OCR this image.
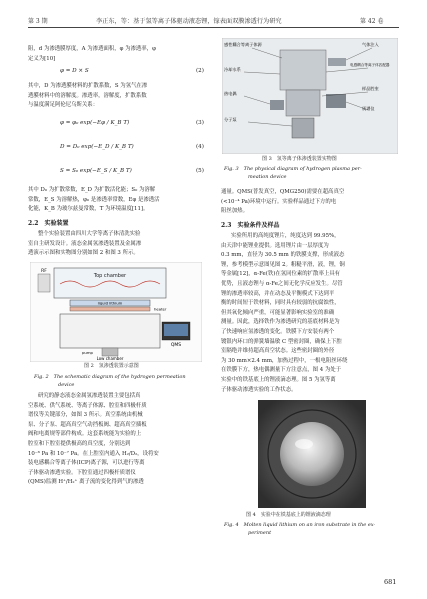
第 3 期	李正东，等：基于氢等离子体驱动液态锂，镓表面双膜渗透行为研究	第 42 卷
阻，d 为渗透膜厚度，A 为渗透面积，φ 为渗透率，φ
定义为[10]
φ = D × S	(2)
其中，D 为渗透膜材料的扩散系数，S 为氢气在渗
透膜材料中的溶解度。渗透率，溶解度，扩散系数
与温度满足阿伦尼乌斯关系：
φ = φ₀ exp(−Eφ / K_B T)	(3)
D = D₀ exp(−E_D / K_B T)	(4)
S = S₀ exp(−E_S / K_B T)	(5)
其中 D₀ 为扩散常数，E_D 为扩散活化能；S₀ 为溶解
常数，E_S 为溶解热，φ₀ 是渗透率常数，Eφ 是渗透活
化能，K_B 为玻尔兹曼常数，T 为环境温度[11]。
2.2　实验装置
整个实验装置由四川大学等离子体清洗实验
室自主研发设计。液态金属氢渗透装置及金属渗
透演示示图和实物图分别如图 2 和图 3 所示。
Top chamber
RF
liquid lithium
heater
QMS
Low chamber
pump
图 2　氢渗透装置示意图
Fig. 2　The schematic diagram of the hydrogen permeation
device
研究的静态液态金属氢渗透装置主要包括真
空系统、供气系统、等离子体源、腔室和四极杆质
谱仪等关键部分，如图 3 所示。真空系统由机械
泵、分子泵、超高真空气动挡板阀、超高真空插板
阀和电离规等部件构成。这套系统能为实验的上
腔室和下腔室提供极高的真空度，分别达到
10⁻⁶ Pa 和 10⁻⁷ Pa。在上腔室内通入 H₂/D₂，设将安
装电感耦合等离子体(ICP)离子源，可以进行等离
子体驱动渗透实验。下腔室通过四极杆质谱仪
(QMS)监测 H⁺/H₂⁺ 离子流的变化得到气的渗透
感性耦合等离子体源
冷却水系
热电偶
分子泵
气体注入
电感耦合等离子体匹配器
样品腔室
质谱仪
图 3　氢等离子体渗透装置实物图
Fig. 3　The physical diagram of hydrogen plasma per-
meation device
通量。QMS(普发真空，QMG250)需要在超高真空
(<10⁻⁴ Pa)环境中运行。实验样品通过下方的电
阻丝加热。
2.3　实验条件及样品
实验所用的高纯度锂片，纯度达到 99.95%，
由天津中能锂业提供。选用锂片由一层厚度为
0.3 mm，直径为 30.5 mm 的铁膜支撑，形成液态
锂，参考模型示意图见图 2。粗糙平滑，液，锂，铜
等金属[12]，α-Fe(铁)在氢同位素的扩散率上具有
优势，且液态锂与 α-Fe之间无化学反应发生。尽管
锂的渗透率较高，并在动态及平衡模式下达到平
衡的时间短于铁材料，同时具有较弱的抗腐蚀性，
但其氧化倾向严重，可能显著影响实验室的准确
测量。因此，选择铁作为渗透研究的基底材料是为
了快速响应氢渗透的变化。铁膜下方安装有两个
镀银内环口的弹簧墙温敏 C 型密封圈，确保上下腔
室隔绝并维持超高真空状态。这些密封圈的外径
为 30 mm×2.4 mm，加热过程中，一根电阻丝环绕
在铁膜下方，热电偶测量下方注意点，图 4 为处于
实验中的铁基底上的锂液滴态理。图 5 为氢等离
子体驱动渗透实验的工作状态。
图 4　实验中在铁基底上的锂液滴态理
Fig. 4　Molten liquid lithium on an iron substrate in the ex-
periment
681
